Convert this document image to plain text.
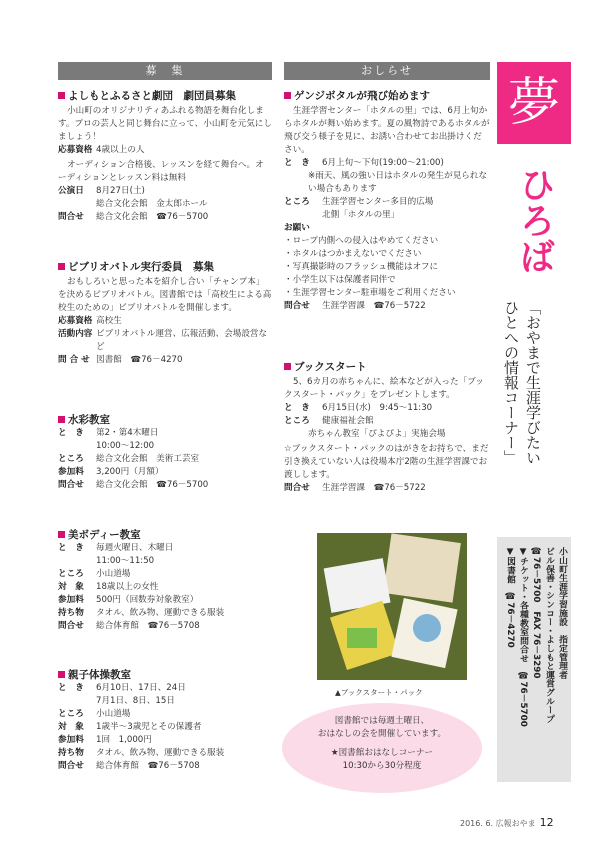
募　集	おしらせ
よしもとふるさと劇団　劇団員募集

小山町のオリジナリティあふれる物語を舞台化します。プロの芸人と同じ舞台に立って、小山町を元気にしましょう！

応募資格 4歳以上の人

オーディション合格後、レッスンを経て舞台へ。オーディションとレッスン料は無料

公演日	8月27日(土)
総合文化会館　金太郎ホール
問合せ	総合文化会館　☎76－5700
ビブリオバトル実行委員　募集

おもしろいと思った本を紹介し合い「チャンプ本」を決めるビブリオバトル。図書館では「高校生による高校生のための」ビブリオバトルを開催します。

応募資格 高校生
活動内容 ビブリオバトル運営、広報活動、会場設営など
問 合 せ 図書館　☎76－4270
水彩教室
と　き	第2・第4木曜日
10:00～12:00
ところ	総合文化会館　美術工芸室
参加料	3,200円（月額）
問合せ	総合文化会館　☎76－5700
美ボディー教室
と　き	毎週火曜日、木曜日
11:00～11:50
ところ	小山道場
対　象	18歳以上の女性
参加料	500円（回数券対象教室）
持ち物	タオル、飲み物、運動できる服装
問合せ	総合体育館　☎76－5708
親子体操教室
と　き	6月10日、17日、24日
7月1日、8日、15日
ところ	小山道場
対　象	1歳半～3歳児とその保護者
参加料	1回　1,000円
持ち物	タオル、飲み物、運動できる服装
問合せ	総合体育館　☎76－5708
ゲンジボタルが飛び始めます

生涯学習センター「ホタルの里」では、6月上旬からホタルが舞い始めます。夏の風物詩であるホタルが飛び交う様子を見に、お誘い合わせてお出掛けください。

と　き	6月上旬～下旬(19:00～21:00)
※雨天、風の強い日はホタルの発生が見られない場合もあります
ところ	生涯学習センター多目的広場
北側「ホタルの里」
お願い
・ロープ内側への侵入はやめてください
・ホタルはつかまえないでください
・写真撮影時のフラッシュ機能はオフに
・小学生以下は保護者同伴で
・生涯学習センター駐車場をご利用ください
問合せ	生涯学習課　☎76－5722
ブックスタート

5、6カ月の赤ちゃんに、絵本などが入った「ブックスタート・パック」をプレゼントします。

と　き	6月15日(水)　9:45～11:30
ところ	健康福祉会館
赤ちゃん教室「ぴよぴよ」実施会場

☆ブックスタート・パックのはがきをお持ちで、まだ引き換えていない人は役場本庁2階の生涯学習課でお渡しします。

問合せ	生涯学習課　☎76－5722
▲ブックスタート・パック
図書館では毎週土曜日、
おはなしの会を開催しています。
★図書館おはなしコーナー
10:30から30分程度
夢
ひろば
「おやまで生涯学びたい
ひとへの情報コーナー」
小山町生涯学習施設　指定管理者
ビル保善・シンコー・よしもと運営グループ
☎76－5700　FAX 76－3290
▼チケット・各種教室問合せ　☎76－5700
▼図書館　☎76－4270
2016. 6. 広報おやま 12
